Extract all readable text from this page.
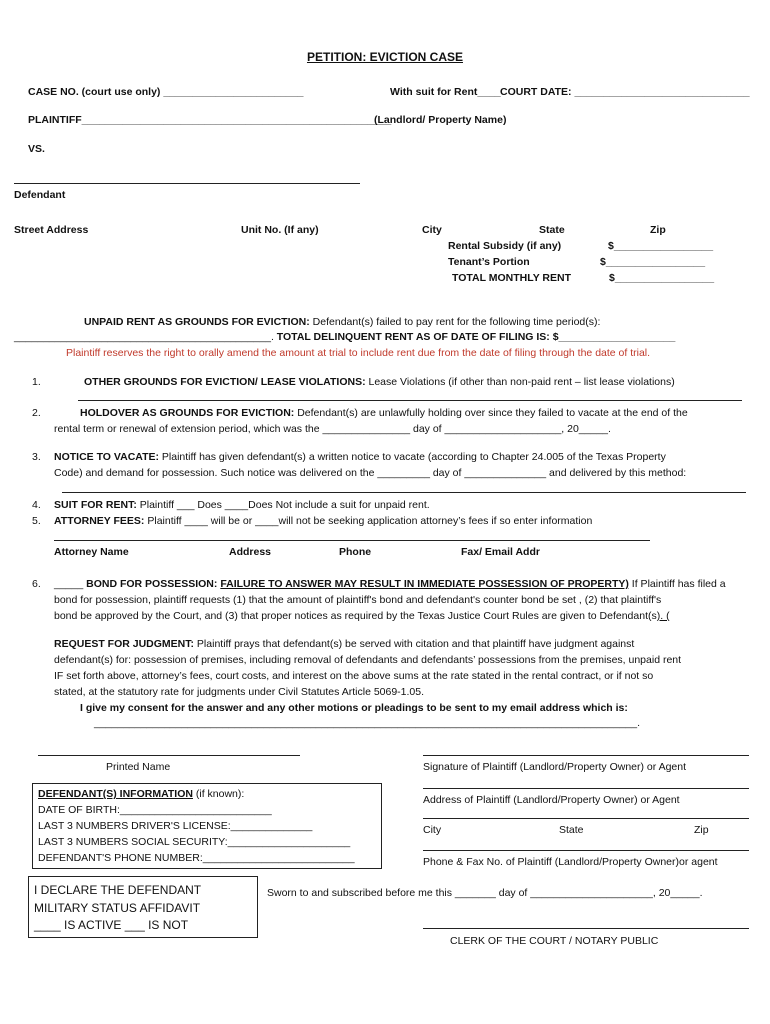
PETITION: EVICTION CASE
CASE NO. (court use only) ________________________	With suit for Rent____ COURT DATE: ______________________________
PLAINTIFF_____________________________________________________
(Landlord/ Property Name)
VS.
Defendant
Street Address	Unit No. (If any)	City	State	Zip
Rental Subsidy (if any)	$_________________
Tenant’s Portion	$_________________
TOTAL MONTHLY RENT	$_________________
UNPAID RENT AS GROUNDS FOR EVICTION: Defendant(s) failed to pay rent for the following time period(s):
____________________________________________. TOTAL DELINQUENT RENT AS OF DATE OF FILING IS: $____________________
Plaintiff reserves the right to orally amend the amount at trial to include rent due from the date of filing through the date of trial.
1.	OTHER GROUNDS FOR EVICTION/ LEASE VIOLATIONS: Lease Violations (if other than non-paid rent – list lease violations)
2.	HOLDOVER AS GROUNDS FOR EVICTION: Defendant(s) are unlawfully holding over since they failed to vacate at the end of the
rental term or renewal of extension period, which was the _______________ day of ____________________, 20_____.
3. NOTICE TO VACATE: Plaintiff has given defendant(s) a written notice to vacate (according to Chapter 24.005 of the Texas Property
Code) and demand for possession. Such notice was delivered on the _________ day of ______________ and delivered by this method:
4. SUIT FOR RENT: Plaintiff ___ Does ____Does Not include a suit for unpaid rent.
5. ATTORNEY FEES: Plaintiff ____ will be or ____will not be seeking application attorney’s fees if so enter information
Attorney Name	Address	Phone	Fax/ Email Addr
6. _____ BOND FOR POSSESSION: FAILURE TO ANSWER MAY RESULT IN IMMEDIATE POSSESSION OF PROPERTY) If Plaintiff has filed a
bond for possession, plaintiff requests (1) that the amount of plaintiff's bond and defendant's counter bond be set , (2) that plaintiff's
bond be approved by the Court, and (3) that proper notices as required by the Texas Justice Court Rules are given to Defendant(s). (
REQUEST FOR JUDGMENT: Plaintiff prays that defendant(s) be served with citation and that plaintiff have judgment against
defendant(s) for: possession of premises, including removal of defendants and defendants’ possessions from the premises, unpaid rent
IF set forth above, attorney’s fees, court costs, and interest on the above sums at the rate stated in the rental contract, or if not so
stated, at the statutory rate for judgments under Civil Statutes Article 5069-1.05.
I give my consent for the answer and any other motions or pleadings to be sent to my email address which is:
_____________________________________________________________________________________________.
Printed Name	Signature of Plaintiff (Landlord/Property Owner) or Agent
Address of Plaintiff (Landlord/Property Owner) or Agent
City	State	Zip
Phone & Fax No. of Plaintiff (Landlord/Property Owner)or agent
DEFENDANT(S) INFORMATION (if known):
DATE OF BIRTH:__________________________
LAST 3 NUMBERS DRIVER'S LICENSE:______________
LAST 3 NUMBERS SOCIAL SECURITY:_____________________
DEFENDANT'S PHONE NUMBER:__________________________
I DECLARE THE DEFENDANT
MILITARY STATUS AFFIDAVIT
____ IS ACTIVE ___ IS NOT
Sworn to and subscribed before me this _______ day of _____________________, 20_____.
CLERK OF THE COURT / NOTARY PUBLIC
